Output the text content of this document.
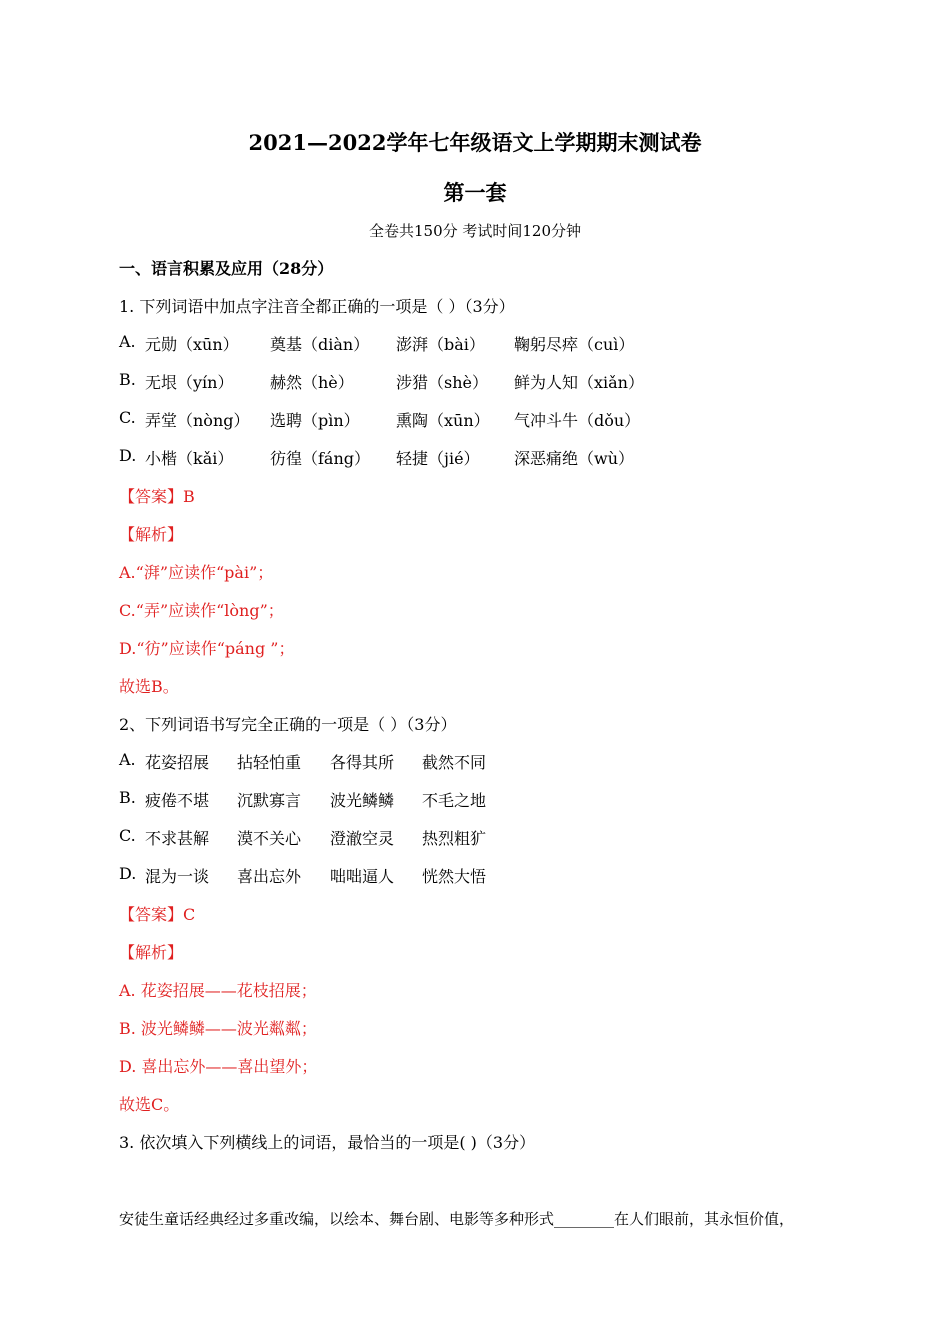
2021—2022学年七年级语文上学期期末测试卷
第一套
全卷共150分 考试时间120分钟
一、语言积累及应用（28分）
1. 下列词语中加点字注音全都正确的一项是（ ）（3分）
A. 元勋（xūn） 奠基（diàn） 澎湃（bài） 鞠躬尽瘁（cuì）
B. 无垠（yín） 赫然（hè）	涉猎（shè） 鲜为人知（xiǎn）
C. 弄堂（nòng） 选聘（pìn） 熏陶（xūn） 气冲斗牛（dǒu）
D. 小楷（kǎi） 彷徨（fáng） 轻捷（jié） 深恶痛绝（wù）
【答案】B
【解析】
A.“湃”应读作“pài”；
C.“弄”应读作“lòng”；
D.“彷”应读作“páng ”；
故选B。
2、下列词语书写完全正确的一项是（ ）（3分）
A. 花姿招展 拈轻怕重 各得其所 截然不同
B. 疲倦不堪 沉默寡言 波光鳞鳞 不毛之地
C. 不求甚解 漠不关心 澄澈空灵 热烈粗犷
D. 混为一谈 喜出忘外 咄咄逼人 恍然大悟
【答案】C
【解析】
A. 花姿招展——花枝招展；
B. 波光鳞鳞——波光粼粼；
D. 喜出忘外——喜出望外；
故选C。
3. 依次填入下列横线上的词语，最恰当的一项是( )（3分）
安徒生童话经典经过多重改编，以绘本、舞台剧、电影等多种形式________在人们眼前，其永恒价值，
